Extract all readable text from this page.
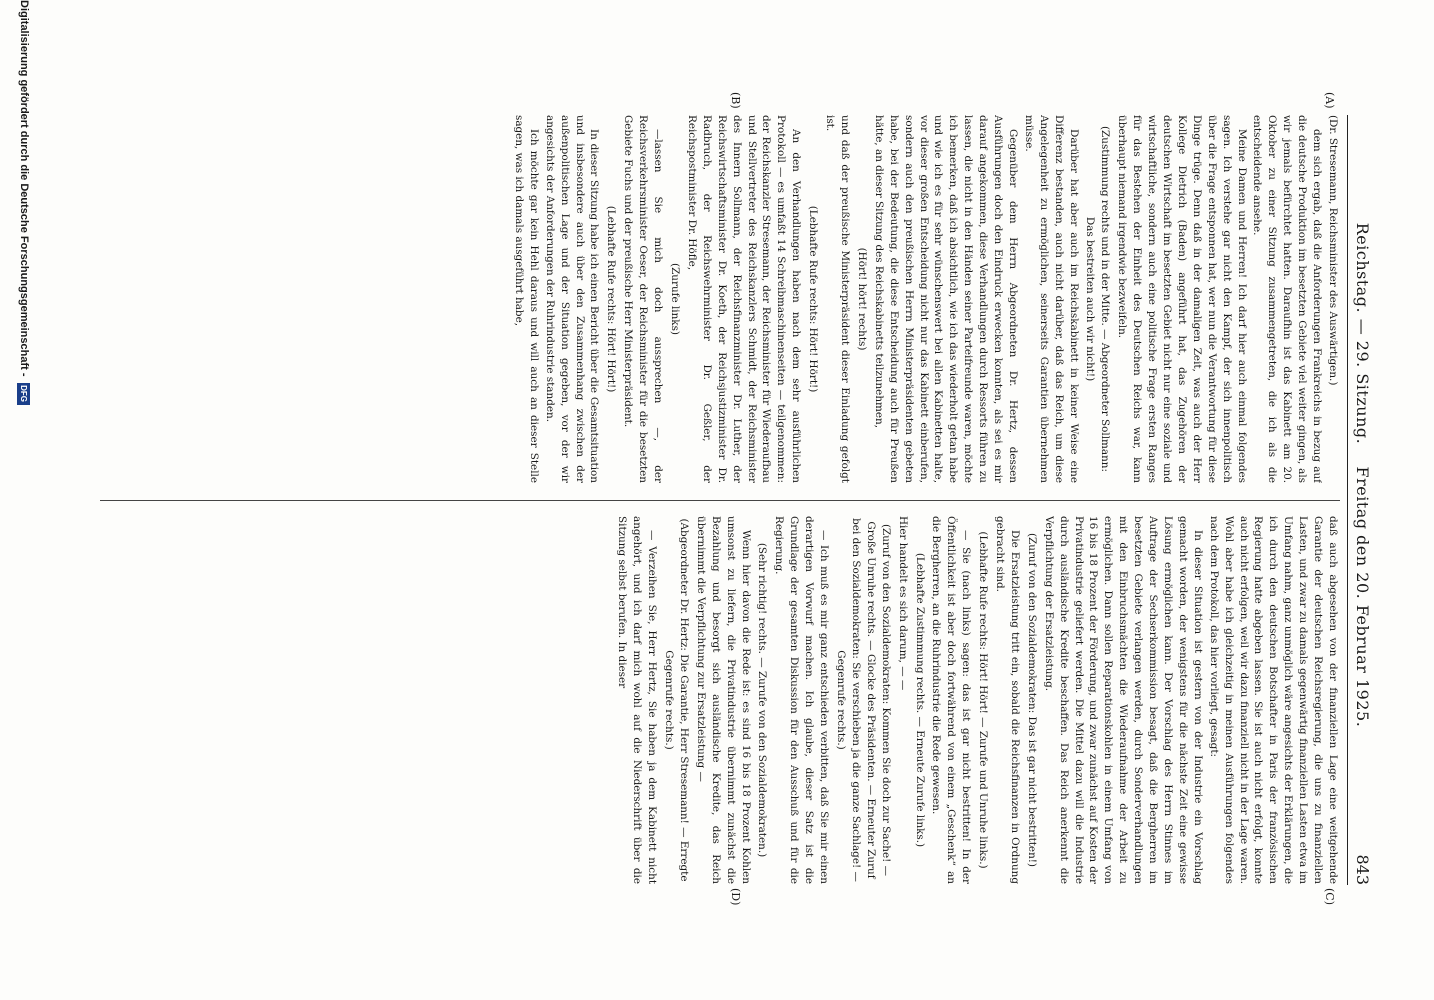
Reichstag. — 29. Sitzung.    Freitag den 20. Februar 1925.
843
(A)
(B)
(C)
(D)

(Dr. Stresemann, Reichsminister des Auswärtigen.)

dem sich ergab, daß die Anforderungen Frankreichs in bezug auf die deutsche Produktion im besetzten Gebiete viel weiter gingen, als wir jemals befürchtet hatten. Daraufhin ist das Kabinett am 20. Oktober zu einer Sitzung zusammengetreten, die ich als die entscheidende ansehe.

Meine Damen und Herren! Ich darf hier auch einmal folgendes sagen. Ich verstehe gar nicht den Kampf, der sich innenpolitisch über die Frage entsponnen hat, wer nun die Verantwortung für diese Dinge trüge. Denn daß in der damaligen Zeit, was auch der Herr Kollege Dietrich (Baden) angeführt hat, das Zugehören der deutschen Wirtschaft im besetzten Gebiet nicht nur eine soziale und wirtschaftliche, sondern auch eine politische Frage ersten Ranges für das Bestehen der Einheit des Deutschen Reichs war, kann überhaupt niemand irgendwie bezweifeln.

(Zustimmung rechts und in der Mitte. — Abgeordneter Sollmann: Das bestreiten auch wir nicht!)

Darüber hat aber auch im Reichskabinett in keiner Weise eine Differenz bestanden, auch nicht darüber, daß das Reich, um diese Angelegenheit zu ermöglichen, seinerseits Garantien übernehmen müsse.

Gegenüber dem Herrn Abgeordneten Dr. Hertz, dessen Ausführungen doch den Eindruck erwecken konnten, als sei es mir darauf angekommen, diese Verhandlungen durch Ressorts führen zu lassen, die nicht in den Händen seiner Parteifreunde waren, möchte ich bemerken, daß ich absichtlich, wie ich das wiederholt getan habe und wie ich es für sehr wünschenswert bei allen Kabinetten halte, vor dieser großen Entscheidung nicht nur das Kabinett einberufen, sondern auch den preußischen Herrn Ministerpräsidenten gebeten habe, bei der Bedeutung, die diese Entscheidung auch für Preußen hätte, an dieser Sitzung des Reichskabinetts teilzunehmen,

(Hört! hört! rechts)

und daß der preußische Ministerpräsident dieser Einladung gefolgt ist.

(Lebhafte Rufe rechts: Hört! Hört!)

An den Verhandlungen haben nach dem sehr ausführlichen Protokoll — es umfaßt 14 Schreibmaschinenseiten — teilgenommen: der Reichskanzler Stresemann, der Reichsminister für Wiederaufbau und Stellvertreter des Reichskanzlers Schmidt, der Reichsminister des Innern Sollmann, der Reichsfinanzminister Dr. Luther, der Reichswirtschaftsminister Dr. Koeth, der Reichsjustizminister Dr. Radbruch, der Reichswehrminister Dr. Geßler, der Reichspostminister Dr. Höfle,

(Zurufe links)

—lassen Sie mich doch aussprechen —, der Reichsverkehrsminister Oeser, der Reichsminister für die besetzten Gebiete Fuchs und der preußische Herr Ministerpräsident.

(Lebhafte Rufe rechts: Hört! Hört!)

In dieser Sitzung habe ich einen Bericht über die Gesamtsituation und insbesondere auch über den Zusammenhang zwischen der außenpolitischen Lage und der Situation gegeben, vor der wir angesichts der Anforderungen der Ruhrindustrie standen.

Ich möchte gar kein Hehl daraus und will auch an dieser Stelle sagen, was ich damals ausgeführt habe,

daß auch abgesehen von der finanziellen Lage eine weitgehende Garantie der deutschen Reichsregierung, die uns zu finanziellen Lasten, und zwar zu damals gegenwärtig finanziellen Lasten etwa im Umfang nahm, ganz unmöglich wäre angesichts der Erklärungen, die ich durch den deutschen Botschafter in Paris der französischen Regierung hatte abgeben lassen. Sie ist auch nicht erfolgt, konnte auch nicht erfolgen, weil wir dazu finanziell nicht in der Lage waren. Wohl aber habe ich gleichzeitig in meinen Ausführungen folgendes nach dem Protokoll, das hier vorliegt, gesagt:

In dieser Situation ist gestern von der Industrie ein Vorschlag gemacht worden, der wenigstens für die nächste Zeit eine gewisse Lösung ermöglichen kann. Der Vorschlag des Herrn Stinnes im Auftrage der Sechserkommission besagt, daß die Bergherren im besetzten Gebiete verlangen werden, durch Sonderverhandlungen mit den Einbruchsmächten die Wiederaufnahme der Arbeit zu ermöglichen. Dann sollen Reparationskohlen in einem Umfang von 16 bis 18 Prozent der Förderung, und zwar zunächst auf Kosten der Privatindustrie geliefert werden. Die Mittel dazu will die Industrie durch ausländische Kredite beschaffen. Das Reich anerkennt die Verpflichtung der Ersatzleistung.

(Zuruf von den Sozialdemokraten: Das ist gar nicht bestritten!)

Die Ersatzleistung tritt ein, sobald die Reichsfinanzen in Ordnung gebracht sind.

(Lebhafte Rufe rechts: Hört! Hört! — Zurufe und Unruhe links.)

— Sie (nach links) sagen: das ist gar nicht bestritten! In der Öffentlichkeit ist aber doch fortwährend von einem „Geschenk“ an die Bergherren, an die Ruhrindustrie die Rede gewesen.

(Lebhafte Zustimmung rechts. — Erneute Zurufe links.)

Hier handelt es sich darum, — —

(Zuruf von den Sozialdemokraten: Kommen Sie doch zur Sache! — Große Unruhe rechts. — Glocke des Präsidenten. — Erneuter Zuruf bei den Sozialdemokraten: Sie verschieben ja die ganze Sachlage! — Gegenrufe rechts.)

— Ich muß es mir ganz entschieden verbitten, daß Sie mir einen derartigen Vorwurf machen. Ich glaube, dieser Satz ist die Grundlage der gesamten Diskussion für den Ausschuß und für die Regierung.

(Sehr richtig! rechts. — Zurufe von den Sozialdemokraten.)

Wenn hier davon die Rede ist: es sind 16 bis 18 Prozent Kohlen umsonst zu liefern, die Privatindustrie übernimmt zunächst die Bezahlung und besorgt sich ausländische Kredite, das Reich übernimmt die Verpflichtung zur Ersatzleistung —

(Abgeordneter Dr. Hertz: Die Garantie, Herr Stresemann! — Erregte Gegenrufe rechts.)

— Verzeihen Sie, Herr Hertz, Sie haben ja dem Kabinett nicht angehört, und ich darf mich wohl auf die Niederschrift über die Sitzung selbst berufen. In dieser

Digitalisierung gefördert durch die Deutsche Forschungsgemeinschaft -
DFG
